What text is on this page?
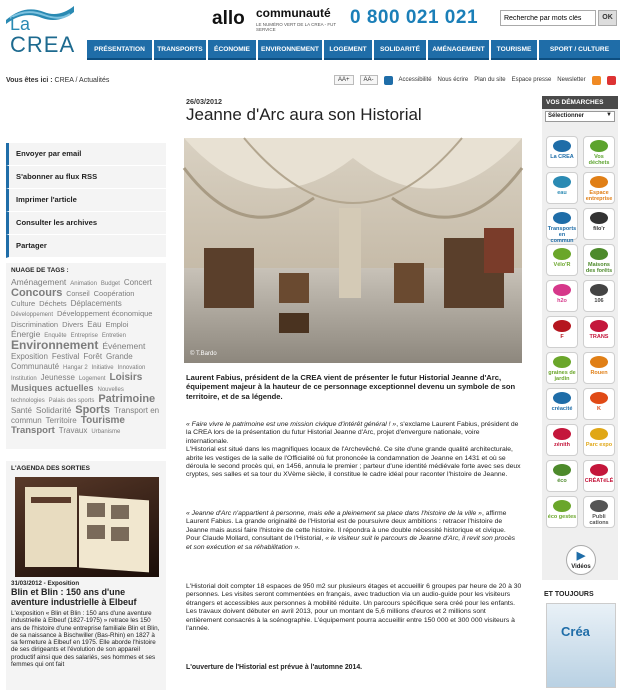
La
CREA
allo communauté
LE NUMÉRO VERT DE LA CREA - FUT SERVICE
0 800 021 021
Recherche par mots clés	OK
PRÉSENTATION	TRANSPORTS	ÉCONOMIE	ENVIRONNEMENT	LOGEMENT	SOLIDARITÉ	AMÉNAGEMENT	TOURISME	SPORT / CULTURE
Vous êtes ici : CREA / Actualités	AA+	AA-	Accessibilité Nous écrire Plan du site Espace presse Newsletter
Envoyer par email
S'abonner au flux RSS
Imprimer l'article
Consulter les archives
Partager
NUAGE DE TAGS :
Aménagement Animation Budget Concert Concours Conseil Coopération Culture Déchets Déplacements Développement Développement économique Discrimination Divers Eau Emploi Énergie Enquête Entreprise Entretien Environnement Événement Exposition Festival Forêt Grande Communauté Hangar 2 Initiative Innovation Institution Jeunesse Logement Loisirs Musiques actuelles Nouvelles technologies Palais des sports Patrimoine Santé Solidarité Sports Transport en commun Territoire Tourisme Transport Travaux Urbanisme
L'AGENDA DES SORTIES
31/03/2012 - Exposition
Blin et Blin : 150 ans d'une aventure industrielle à Elbeuf
L'exposition « Blin et Blin : 150 ans d'une aventure industrielle à Elbeuf (1827-1975) » retrace les 150 ans de l'histoire d'une entreprise familiale Blin et Blin, de sa naissance à Bischwiller (Bas-Rhin) en 1827 à sa fermeture à Elbeuf en 1975. Elle aborde l'histoire de ses dirigeants et l'évolution de son appareil productif ainsi que des salariés, ses hommes et ses femmes qui ont fait
26/03/2012
Jeanne d'Arc aura son Historial
© T.Bardo
Laurent Fabius, président de la CREA vient de présenter le futur Historial Jeanne d'Arc, équipement majeur à la hauteur de ce personnage exceptionnel devenu un symbole de son territoire, et de sa légende.
« Faire vivre le patrimoine est une mission civique d'intérêt général ! », s'exclame Laurent Fabius, président de la CREA lors de la présentation du futur Historial Jeanne d'Arc, projet d'envergure nationale, voire internationale.
L'Historial est situé dans les magnifiques locaux de l'Archevêché. Ce site d'une grande qualité architecturale, abrite les vestiges de la salle de l'Officialité où fut prononcée la condamnation de Jeanne en 1431 et où se déroula le second procès qui, en 1456, annula le premier ; parteur d'une identité médiévale forte avec ses deux cryptes, ses salles et sa tour du XVème siècle, il constitue le cadre idéal pour raconter l'histoire de Jeanne.
« Jeanne d'Arc n'appartient à personne, mais elle a pleinement sa place dans l'histoire de la ville », affirme Laurent Fabius. La grande originalité de l'Historial est de poursuivre deux ambitions : retracer l'histoire de Jeanne mais aussi faire l'histoire de cette histoire. Il répondra à une double nécessité historique et civique.
Pour Claude Mollard, consultant de l'Historial, « le visiteur suit le parcours de Jeanne d'Arc, il revit son procès et son exécution et sa réhabilitation ».
L'Historial doit compter 18 espaces de 950 m2 sur plusieurs étages et accueillir 6 groupes par heure de 20 à 30 personnes. Les visites seront commentées en français, avec traduction via un audio-guide pour les visiteurs étrangers et accessibles aux personnes à mobilité réduite. Un parcours spécifique sera créé pour les enfants.
Les travaux doivent débuter en avril 2013, pour un montant de 5,6 millions d'euros et 2 millions sont entièrement consacrés à la scénographie. L'équipement pourra accueillir entre 150 000 et 300 000 visiteurs à l'année.
L'ouverture de l'Historial est prévue à l'automne 2014.
VOS DÉMARCHES
Sélectionner	▼
La CREA	Vos déchets
eau	Espace entreprise
Transports en commun
filo'r
Vélo'R	Maisons des forêts
h2o	106
F	TRANS
graines de jardin
Rouen
créacité	K
zénith	Parc expo
éco	CRÉATéLÉ
éco gestes	Publi cations
▶
Vidéos
ET TOUJOURS
Créa
